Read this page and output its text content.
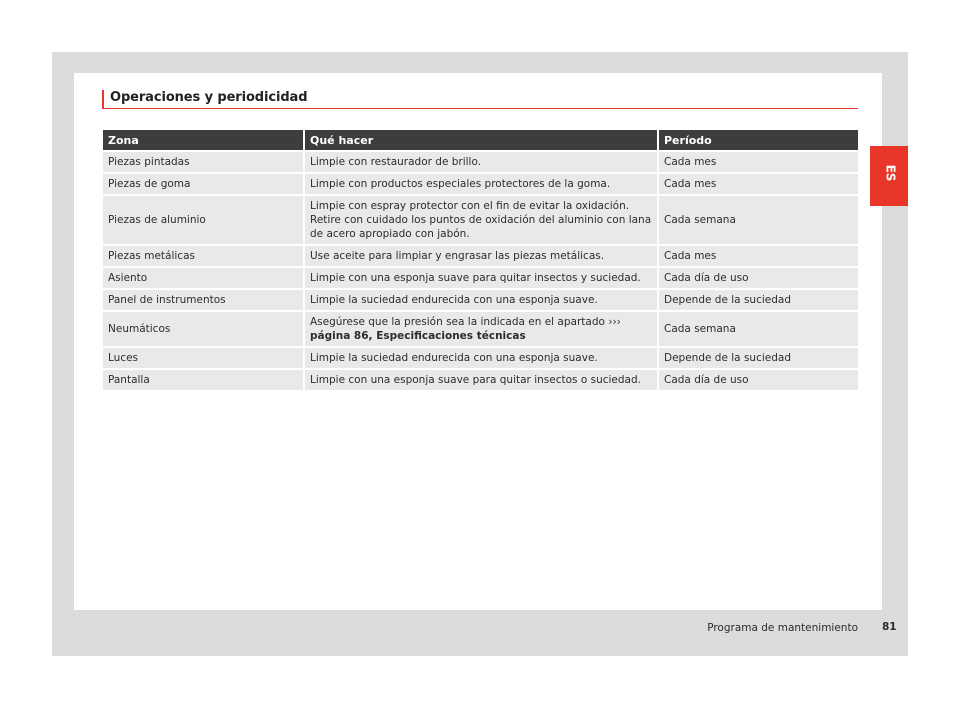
Operaciones y periodicidad
Zona	Qué hacer	Período
Piezas pintadas	Limpie con restaurador de brillo.	Cada mes
Piezas de goma	Limpie con productos especiales protectores de la goma.	Cada mes
Piezas de aluminio	Limpie con espray protector con el fin de evitar la oxidación.
Retire con cuidado los puntos de oxidación del aluminio con lana
de acero apropiado con jabón.	Cada semana
Piezas metálicas	Use aceite para limpiar y engrasar las piezas metálicas.	Cada mes
Asiento	Limpie con una esponja suave para quitar insectos y suciedad.	Cada día de uso
Panel de instrumentos	Limpie la suciedad endurecida con una esponja suave.	Depende de la suciedad
Neumáticos	Asegúrese que la presión sea la indicada en el apartado ›››
página 86, Especificaciones técnicas	Cada semana
Luces	Limpie la suciedad endurecida con una esponja suave.	Depende de la suciedad
Pantalla	Limpie con una esponja suave para quitar insectos o suciedad.	Cada día de uso
ES
Programa de mantenimiento 81
